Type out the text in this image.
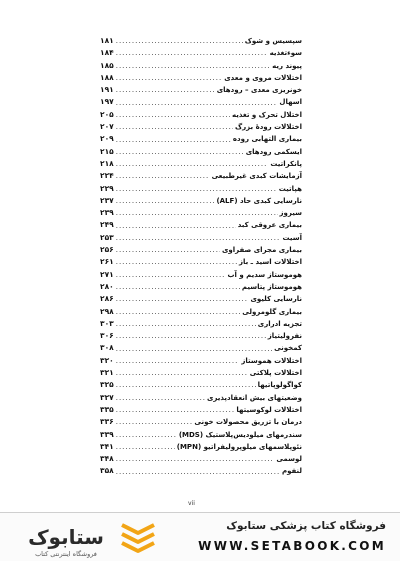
سپسیس و شوک
.....
۱۸۱
سوءتغذیه
.....
۱۸۴
پیوند ریه
.....
۱۸۵
اختلالات مروی و معدی
.....
۱۸۸
خونریزی معدی – رودهای
.....
۱۹۱
اسهال
.....
۱۹۷
اختلال تحرک و تغذیه
.....
۲۰۵
اختلالات رودهٔ بزرگ
.....
۲۰۷
بیماری التهابی روده
.....
۲۰۹
ایسکمی رودهای
.....
۲۱۵
پانکراتیت
.....
۲۱۸
آزمایشات کبدی غیرطبیعی
.....
۲۲۴
هپاتیت
.....
۲۲۹
نارسایی کبدی حاد (ALF)
.....
۲۳۷
سیروز
.....
۲۳۹
بیماری عروقی کبد
.....
۲۴۹
آسیت
.....
۲۵۳
بیماری مجرای صفراوی
.....
۲۵۶
اختلالات اسید ـ باز
.....
۲۶۱
هوموستاز سدیم و آب
.....
۲۷۱
هوموستاز پتاسیم
.....
۲۸۰
نارسایی کلیوی
.....
۲۸۶
بیماری گلومرولی
.....
۲۹۸
تجزیه ادراری
.....
۳۰۳
نفرولیتیاز
.....
۳۰۶
کمخونی
.....
۳۰۸
اختلالات هموستاز
.....
۳۲۰
اختلالات پلاکتی
.....
۳۲۱
کواگولوپاتیها
.....
۳۲۵
وضعیتهای بیش انعقادپذیری
.....
۳۲۷
اختلالات لوکوسیتها
.....
۳۳۵
درمان با تزریق محصولات خونی
.....
۳۳۶
سندرمهای میلودیس‌پلاستیک (MDS)
.....
۳۳۹
نئوپلاسمهای میلوپرولیفراتیو (MPN)
.....
۳۴۱
لوسمی
.....
۳۴۸
لنفوم
.....
۳۵۸
vii
ستابوک
فروشگاه اینترنتی کتاب
فروشگاه کتاب پزشکی ستابوک
WWW.SETABOOK.COM
